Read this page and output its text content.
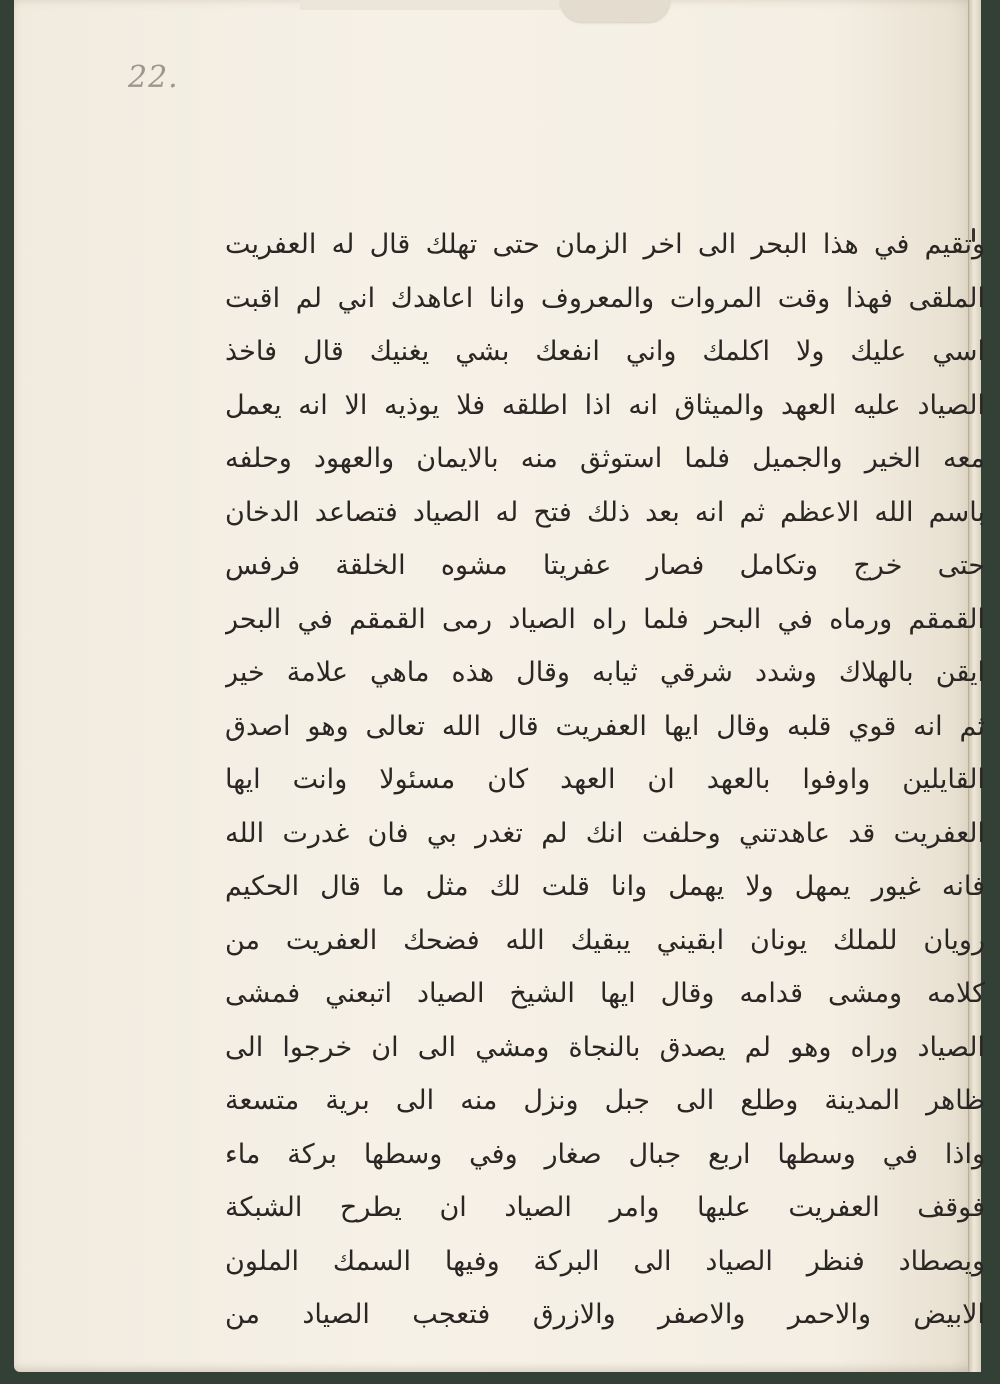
22.
وتقيم في هذا البحر الى اخر الزمان حتى تهلك قال له العفريت
الملقى فهذا وقت المروات والمعروف وانا اعاهدك اني لم اقبت
اسي عليك ولا اكلمك واني انفعك بشي يغنيك قال فاخذ
الصياد عليه العهد والميثاق انه اذا اطلقه فلا يوذيه الا انه يعمل
معه الخير والجميل فلما استوثق منه بالايمان والعهود وحلفه
باسم الله الاعظم ثم انه بعد ذلك فتح له الصياد فتصاعد الدخان
حتى خرج وتكامل فصار عفريتا مشوه الخلقة فرفس
القمقم ورماه في البحر فلما راه الصياد رمى القمقم في البحر
ايقن بالهلاك وشدد شرقي ثيابه وقال هذه ماهي علامة خير
ثم انه قوي قلبه وقال ايها العفريت قال الله تعالى وهو اصدق
القايلين واوفوا بالعهد ان العهد كان مسئولا وانت ايها
العفريت قد عاهدتني وحلفت انك لم تغدر بي فان غدرت الله
فانه غيور يمهل ولا يهمل وانا قلت لك مثل ما قال الحكيم
رويان للملك يونان ابقيني يبقيك الله فضحك العفريت من
كلامه ومشى قدامه وقال ايها الشيخ الصياد اتبعني فمشى
الصياد وراه وهو لم يصدق بالنجاة ومشي الى ان خرجوا الى
ظاهر المدينة وطلع الى جبل ونزل منه الى برية متسعة
واذا في وسطها اربع جبال صغار وفي وسطها بركة ماء
فوقف العفريت عليها وامر الصياد ان يطرح الشبكة
ويصطاد فنظر الصياد الى البركة وفيها السمك الملون
الابيض والاحمر والاصفر والازرق فتعجب الصياد من
